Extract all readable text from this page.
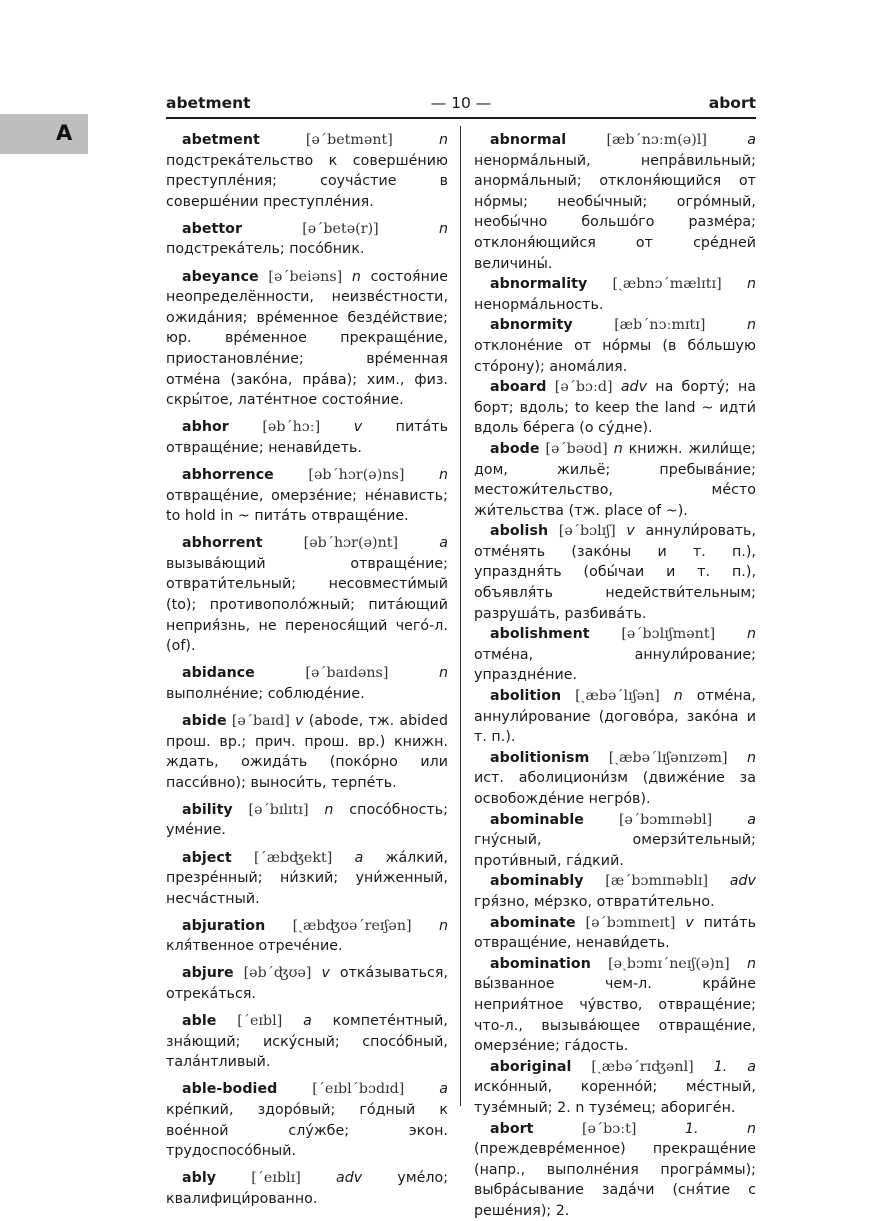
A
abetment	— 10 —	abort

abetment	[ə´betmənt]	n подстрека́тельство к соверше́нию преступле́ния; соуча́стие в соверше́нии преступле́ния.

abettor	[ə´betə(r)]	n подстрека́тель; посо́бник.

abeyance [ə´beiəns] n состоя́ние неопределённости, неизве́стности, ожида́ния; вре́менное безде́йствие; юр. вре́менное прекраще́ние, приостановле́ние; вре́менная отме́на (зако́на, пра́ва); хим., физ. скры́тое, лате́нтное состоя́ние.

abhor [əb´hɔː] v пита́ть отвраще́ние; ненави́деть.

abhorrence [əb´hɔr(ə)ns] n отвраще́ние, омерзе́ние; не́нависть; to hold in ~ пита́ть отвраще́ние.

abhorrent	[əb´hɔr(ə)nt]	a вызыва́ющий отвраще́ние; отврати́тельный; несовмести́мый (to); противополо́жный; пита́ющий неприя́знь, не перенося́щий чего́-л. (of).

abidance	[ə´baɪdəns]	n выполне́ние; соблюде́ние.

abide [ə´baɪd] v (abode, тж. abided прош. вр.; прич. прош. вр.) книжн. ждать, ожида́ть (поко́рно или пасси́вно); выноси́ть, терпе́ть.

ability [ə´bɪlɪtɪ] n спосо́бность; уме́ние.

abject [´æbʤekt] a жа́лкий, презре́нный; ни́зкий; уни́женный, несча́стный.

abjuration [ˏæbʤʊə´reɪʃən] n кля́твенное отрече́ние.

abjure [əb´ʤʊə] v отка́зываться, отрека́ться.

able [´eɪbl] a компете́нтный, зна́ющий; иску́сный; спосо́бный, тала́нтливый.

able-bodied [´eɪbl´bɔdɪd] a кре́пкий, здоро́вый; го́дный к вое́нной слу́жбе; экон. трудоспосо́бный.

ably [´eɪblɪ] adv уме́ло; квалифици́рованно.

abnormal	[æb´nɔːm(ə)l]	a нeнорма́льный, непра́вильный; анорма́льный; отклоня́ющийся от но́рмы; необы́чный; огро́мный, необы́чно большо́го разме́ра; отклоня́ющийся от сре́дней величины́.

abnormality [ˏæbnɔ´mælɪtɪ] n ненорма́льность.

abnormity	[æb´nɔːmɪtɪ]	n отклоне́ние от но́рмы (в бо́льшую сто́рону); анома́лия.

aboard [ə´bɔːd] adv на борту́; на борт; вдоль; to keep the land ~ идти́ вдоль бе́рега (о су́дне).

abode [ə´bəʊd] n книжн. жили́ще; дом, жильё; пребыва́ние; местожи́тельство, ме́сто жи́тельства (тж. place of ~).

abolish [ə´bɔlɪʃ] v аннули́ровать, отме́нять (зако́ны и т. п.), упраздня́ть (обы́чаи и т. п.), объявля́ть недействи́тельным; разруша́ть, разбива́ть.

abolishment [ə´bɔlɪʃmənt] n отме́на, аннули́рование; упраздне́ние.

abolition [ˏæbə´lɪʃən] n отме́на, аннули́рование (догово́ра, зако́на и т. п.).

abolitionism [ˏæbə´lɪʃənɪzəm] n ист. аболициони́зм (движе́ние за освобожде́ние негро́в).

abominable [ə´bɔmɪnəbl] a гну́сный, омерзи́тельный; проти́вный, га́дкий.

abominably [æ´bɔmɪnəblɪ] adv гря́зно, ме́рзко, отврати́тельно.

abominate [ə´bɔmɪneɪt] v пита́ть отвраще́ние, ненави́деть.

abomination [əˏbɔmɪ´neɪʃ(ə)n] n вы́званное чем-л. кра́йне неприя́тное чу́вство, отвраще́ние; что-л., вызыва́ющее отвраще́ние, омерзе́ние; га́дость.

aboriginal [ˏæbə´rɪʤənl] 1. a иско́нный, коренно́й; ме́стный, тузе́мный; 2. n тузе́мец; абориге́н.

abort	[ə´bɔːt]	1. n (преждевре́менное) прекраще́ние (напр., выполне́ния програ́ммы); выбра́сывание зада́чи (сня́тие с реше́ния); 2.
